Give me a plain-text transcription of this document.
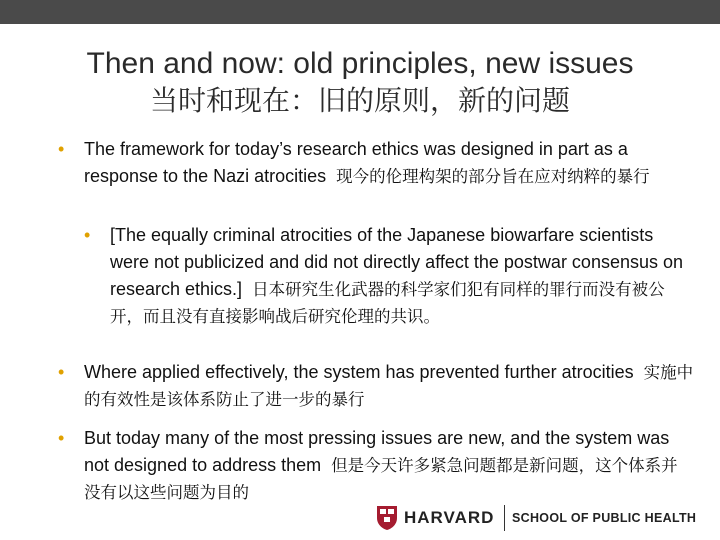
Then and now: old principles, new issues
当时和现在：旧的原则，新的问题
• The framework for today’s research ethics was designed in part as a response to the Nazi atrocities 现今的伦理构架的部分旨在应对纳粹的暴行
• [The equally criminal atrocities of the Japanese biowarfare scientists were not publicized and did not directly affect the postwar consensus on research ethics.] 日本研究生化武器的科学家们犯有同样的罪行而没有被公开，而且没有直接影响战后研究伦理的共识。
• Where applied effectively, the system has prevented further atrocities 实施中的有效性是该体系防止了进一步的暴行
• But today many of the most pressing issues are new, and the system was not designed to address them 但是今天许多紧急问题都是新问题，这个体系并没有以这些问题为目的
HARVARD SCHOOL OF PUBLIC HEALTH
